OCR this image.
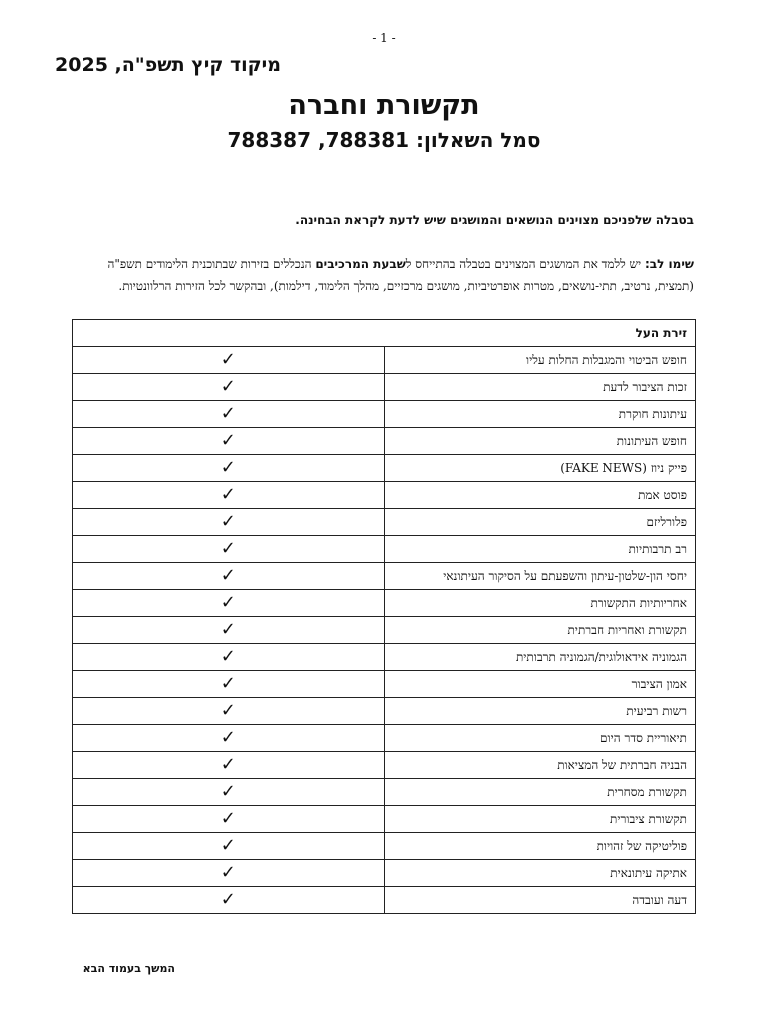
- 1 -
מיקוד קיץ תשפ"ה, 2025
תקשורת וחברה
סמל השאלון: 788381, 788387
בטבלה שלפניכם מצוינים הנושאים והמושגים שיש לדעת לקראת הבחינה.
שימו לב: יש ללמד את המושגים המצוינים בטבלה בהתייחס לשבעת המרכיבים הנכללים בזירות שבתוכנית הלימודים תשפ"ה (תמצית, נרטיב, תתי-נושאים, מטרות אופרטיביות, מושגים מרכזיים, מהלך הלימוד, דילמות), ובהקשר לכל הזירות הרלוונטיות.
זירת העל	
חופש הביטוי והמגבלות החלות עליו	✓
זכות הציבור לדעת	✓
עיתונות חוקרת	✓
חופש העיתונות	✓
פייק ניוז (FAKE NEWS)	✓
פוסט אמת	✓
פלורליזם	✓
רב תרבותיות	✓
יחסי הון-שלטון-עיתון והשפעתם על הסיקור העיתונאי	✓
אחריותיות התקשורת	✓
תקשורת ואחריות חברתית	✓
הגמוניה אידאולוגית/הגמוניה תרבותית	✓
אמון הציבור	✓
רשות רביעית	✓
תיאוריית סדר היום	✓
הבניה חברתית של המציאות	✓
תקשורת מסחרית	✓
תקשורת ציבורית	✓
פוליטיקה של זהויות	✓
אתיקה עיתונאית	✓
דעה ועובדה	✓
המשך בעמוד הבא
